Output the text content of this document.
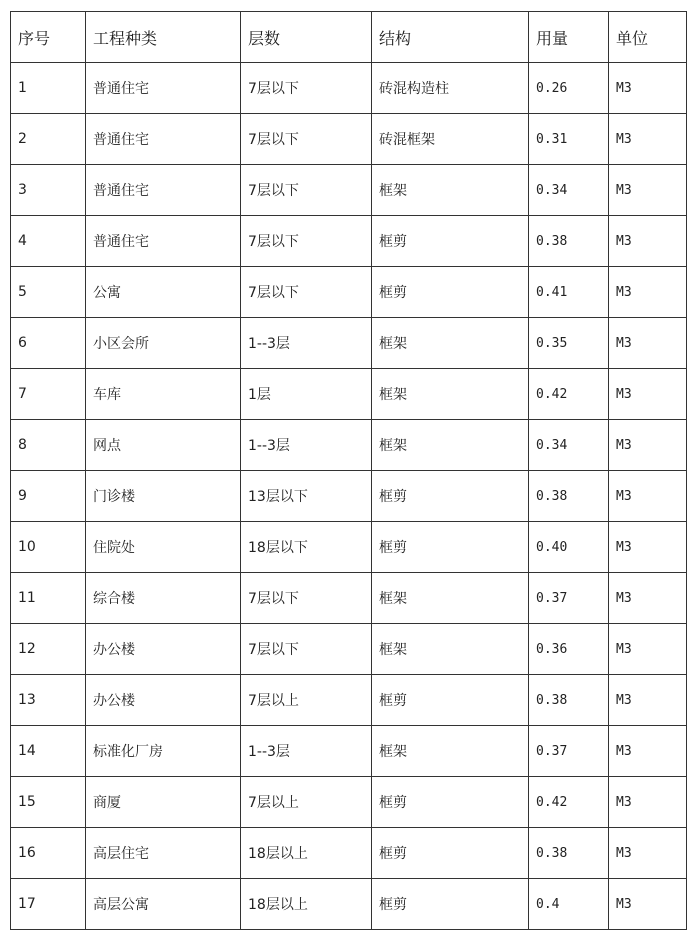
序号	工程种类	层数	结构	用量	单位
1	普通住宅	7层以下	砖混构造柱	0.26	M3
2	普通住宅	7层以下	砖混框架	0.31	M3
3	普通住宅	7层以下	框架	0.34	M3
4	普通住宅	7层以下	框剪	0.38	M3
5	公寓	7层以下	框剪	0.41	M3
6	小区会所	1--3层	框架	0.35	M3
7	车库	1层	框架	0.42	M3
8	网点	1--3层	框架	0.34	M3
9	门诊楼	13层以下	框剪	0.38	M3
10	住院处	18层以下	框剪	0.40	M3
11	综合楼	7层以下	框架	0.37	M3
12	办公楼	7层以下	框架	0.36	M3
13	办公楼	7层以上	框剪	0.38	M3
14	标准化厂房	1--3层	框架	0.37	M3
15	商厦	7层以上	框剪	0.42	M3
16	高层住宅	18层以上	框剪	0.38	M3
17	高层公寓	18层以上	框剪	0.4	M3
